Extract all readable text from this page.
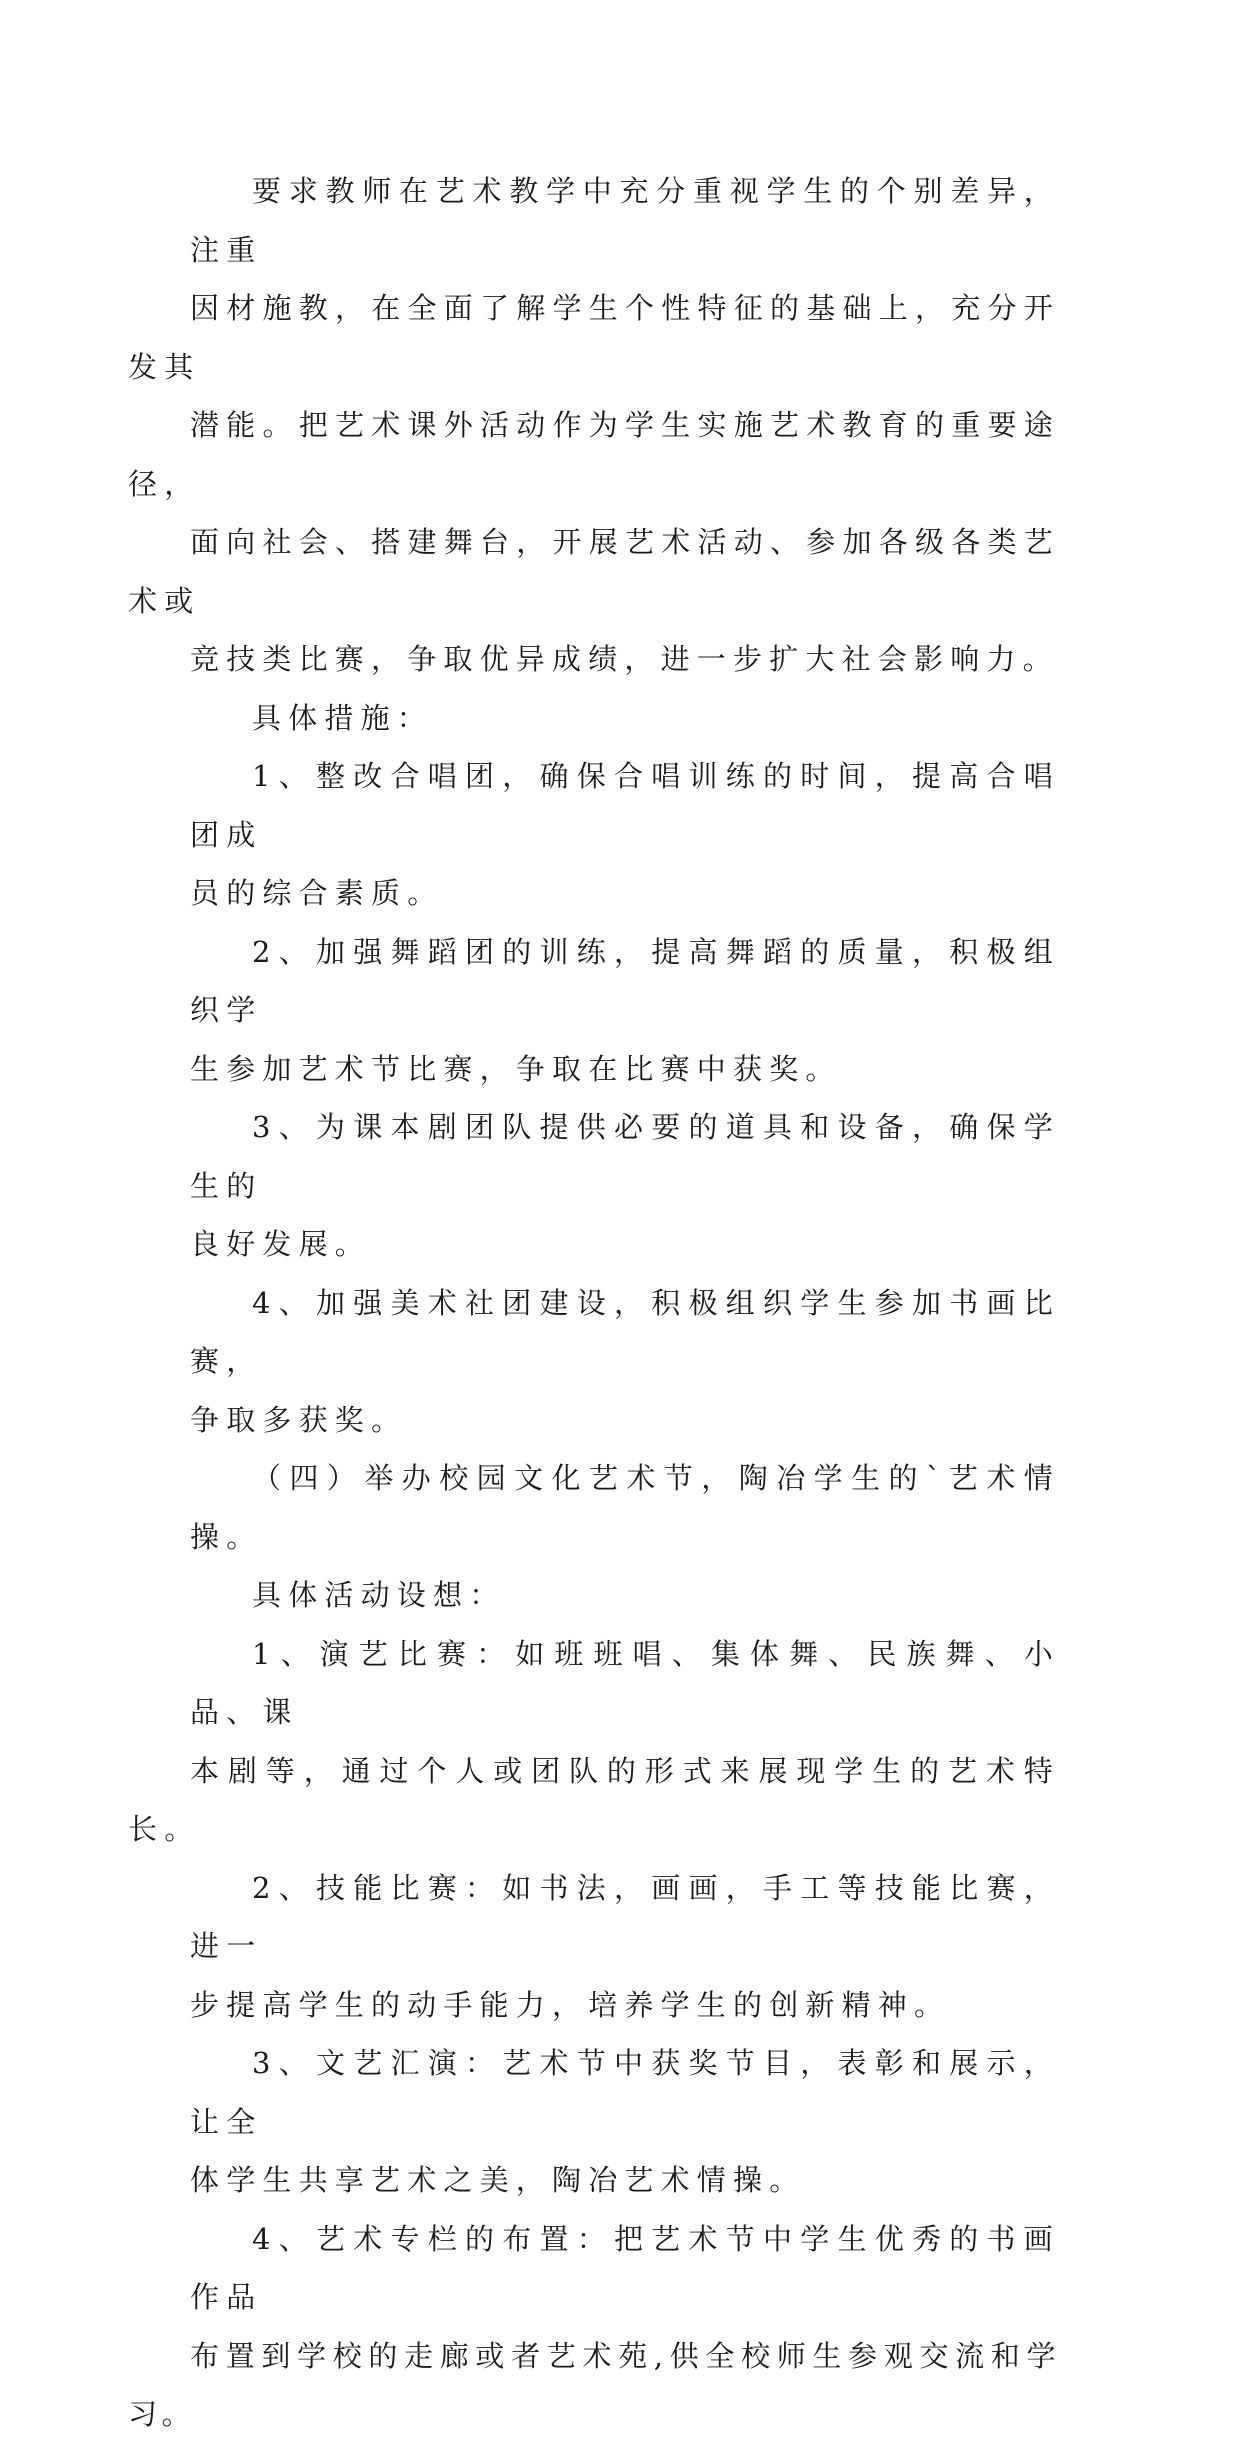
要求教师在艺术教学中充分重视学生的个别差异，注重
因材施教，在全面了解学生个性特征的基础上，充分开发其
潜能。把艺术课外活动作为学生实施艺术教育的重要途径，
面向社会、搭建舞台，开展艺术活动、参加各级各类艺术或
竞技类比赛，争取优异成绩，进一步扩大社会影响力。

具体措施：

1、整改合唱团，确保合唱训练的时间，提高合唱团成
员的综合素质。

2、加强舞蹈团的训练，提高舞蹈的质量，积极组织学
生参加艺术节比赛，争取在比赛中获奖。

3、为课本剧团队提供必要的道具和设备，确保学生的
良好发展。

4、加强美术社团建设，积极组织学生参加书画比赛，
争取多获奖。

（四）举办校园文化艺术节，陶冶学生的`艺术情操。

具体活动设想：

1、演艺比赛：如班班唱、集体舞、民族舞、小品、课
本剧等，通过个人或团队的形式来展现学生的艺术特长。

2、技能比赛：如书法，画画，手工等技能比赛，进一
步提高学生的动手能力，培养学生的创新精神。

3、文艺汇演：艺术节中获奖节目，表彰和展示，让全
体学生共享艺术之美，陶冶艺术情操。

4、艺术专栏的布置：把艺术节中学生优秀的书画作品
布置到学校的走廊或者艺术苑,供全校师生参观交流和学习。
